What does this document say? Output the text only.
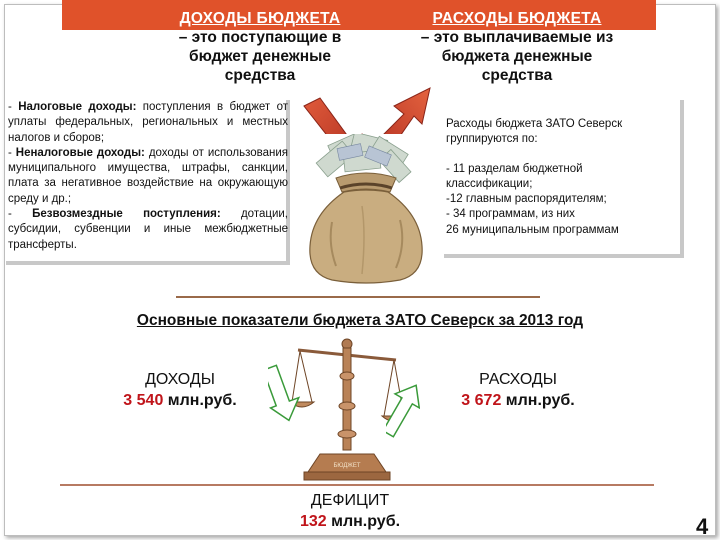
ДОХОДЫ БЮДЖЕТА
– это поступающие в
бюджет денежные
средства
РАСХОДЫ БЮДЖЕТА
– это выплачиваемые из
бюджета денежные
средства

- Налоговые доходы: поступления в бюджет от уплаты федеральных, региональных и местных налогов и сборов;

- Неналоговые доходы: доходы от использования муниципального имущества, штрафы, санкции, плата за негативное воздействие на окружающую среду и др.;

- Безвозмездные поступления: дотации, субсидии, субвенции и иные межбюджетные трансферты.

Расходы бюджета ЗАТО Северск группируются по:

- 11 разделам бюджетной классификации;

-12 главным распорядителям;

- 34 программам, из них

26 муниципальным программам

Основные показатели бюджета ЗАТО Северск за 2013 год
ДОХОДЫ
3 540 млн.руб.
РАСХОДЫ
3 672 млн.руб.
БЮДЖЕТ
ДЕФИЦИТ
132 млн.руб.	4
